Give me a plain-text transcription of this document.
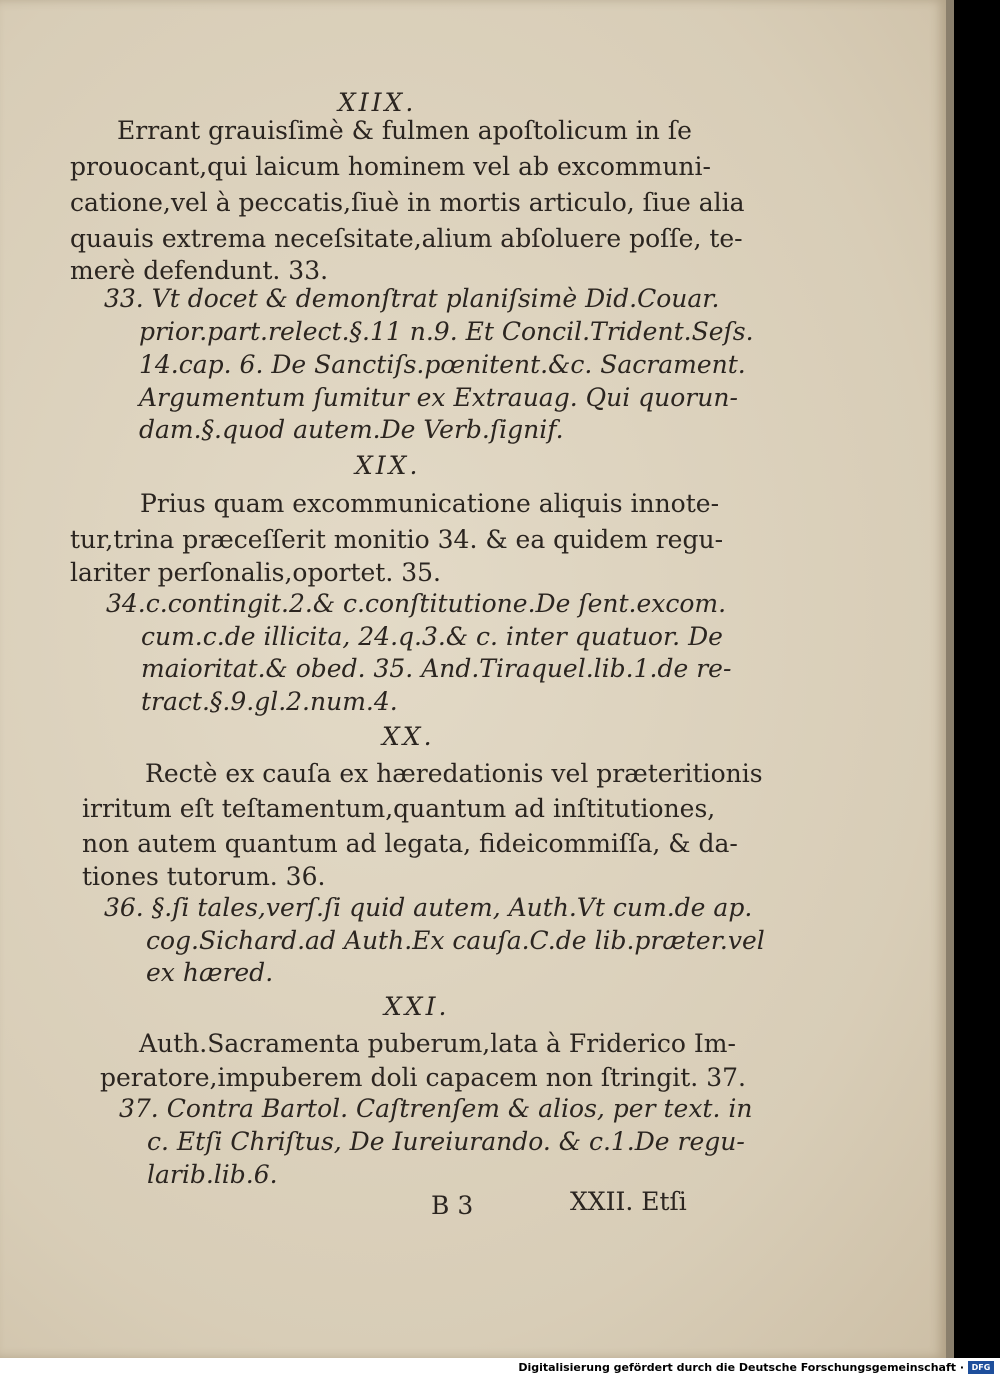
XIIX.
Errant grauisſimè & fulmen apoſtolicum in ſe
prouocant,qui laicum hominem vel ab excommuni-
catione,vel à peccatis,ſiuè in mortis articulo, ſiue alia
quauis extrema neceſsitate,alium abſoluere poſſe, te-
merè defendunt. 33.
33. Vt docet & demonſtrat planiſsimè Did.Couar.
prior.part.relect.§.11 n.9. Et Concil.Trident.Seſs.
14.cap. 6. De Sanctiſs.pœnitent.&c. Sacrament.
Argumentum ſumitur ex Extrauag. Qui quorun-
dam.§.quod autem.De Verb.ſignif.
XIX.
Prius quam excommunicatione aliquis innote-
tur,trina præceſſerit monitio 34. & ea quidem regu-
lariter perſonalis,oportet. 35.
34.c.contingit.2.& c.conſtitutione.De ſent.excom.
cum.c.de illicita, 24.q.3.& c. inter quatuor. De
maioritat.& obed. 35. And.Tiraquel.lib.1.de re-
tract.§.9.gl.2.num.4.
XX.
Rectè ex cauſa ex hæredationis vel præteritionis
irritum eſt teſtamentum,quantum ad inſtitutiones,
non autem quantum ad legata, fideicommiſſa, & da-
tiones tutorum. 36.
36. §.ſi tales,verſ.ſi quid autem, Auth.Vt cum.de ap.
cog.Sichard.ad Auth.Ex cauſa.C.de lib.præter.vel
ex hæred.
XXI.
Auth.Sacramenta puberum,lata à Friderico Im-
peratore,impuberem doli capacem non ſtringit. 37.
37. Contra Bartol. Caſtrenſem & alios, per text. in
c. Etſi Chriſtus, De Iureiurando. & c.1.De regu-
larib.lib.6.
B 3	XXII. Etſi
Digitalisierung gefördert durch die Deutsche Forschungsgemeinschaft · DFG
